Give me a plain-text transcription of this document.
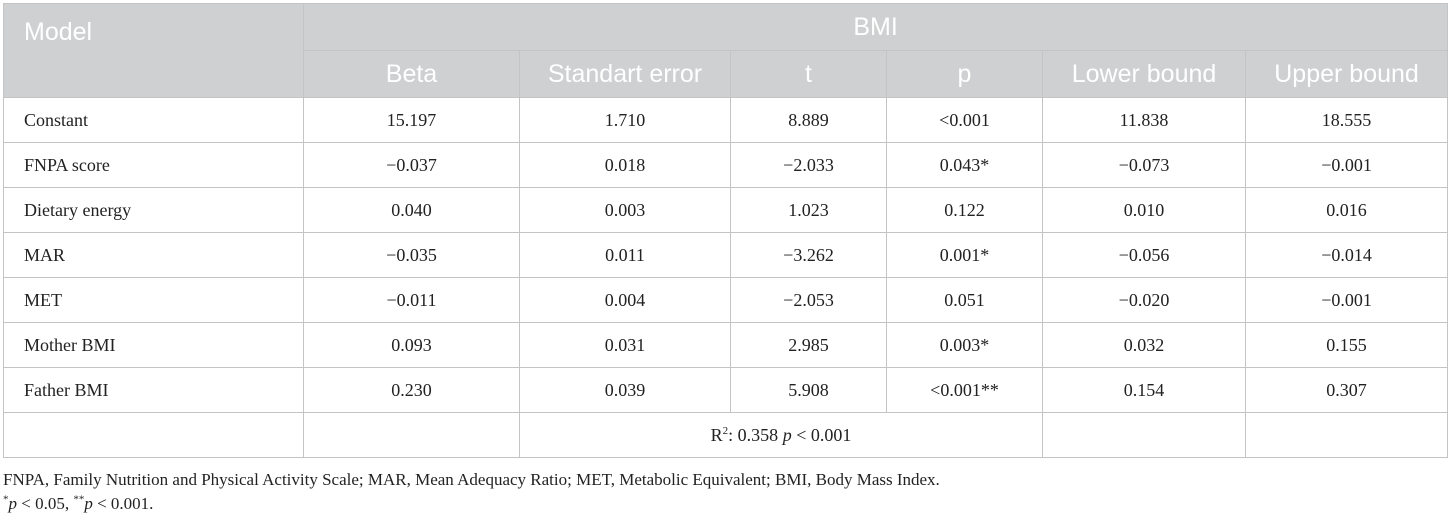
Model	BMI					
	Beta	Standart error	t	p	Lower bound	Upper bound
Constant	15.197	1.710	8.889	<0.001	11.838	18.555
FNPA score	−0.037	0.018	−2.033	0.043*	−0.073	−0.001
Dietary energy	0.040	0.003	1.023	0.122	0.010	0.016
MAR	−0.035	0.011	−3.262	0.001*	−0.056	−0.014
MET	−0.011	0.004	−2.053	0.051	−0.020	−0.001
Mother BMI	0.093	0.031	2.985	0.003*	0.032	0.155
Father BMI	0.230	0.039	5.908	<0.001**	0.154	0.307
		$R^2$: 0.358 p < 0.001				
FNPA, Family Nutrition and Physical Activity Scale; MAR, Mean Adequacy Ratio; MET, Metabolic Equivalent; BMI, Body Mass Index.
*p < 0.05, **p < 0.001.
